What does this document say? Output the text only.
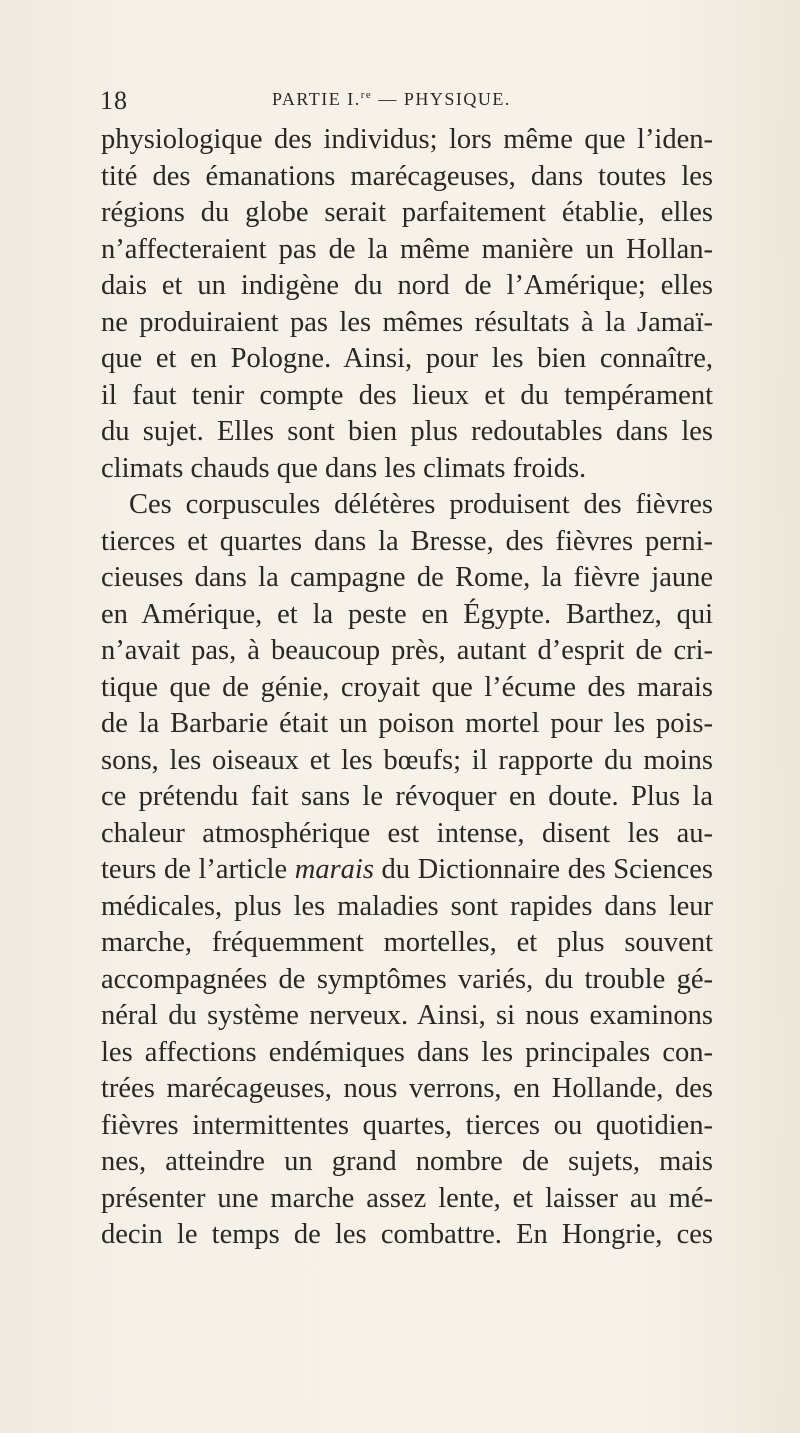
18	PARTIE I.$^{re}$ — PHYSIQUE.
physiologique des individus; lors même que l’iden-
tité des émanations marécageuses, dans toutes les
régions du globe serait parfaitement établie, elles
n’affecteraient pas de la même manière un Hollan-
dais et un indigène du nord de l’Amérique; elles
ne produiraient pas les mêmes résultats à la Jamaï-
que et en Pologne. Ainsi, pour les bien connaître,
il faut tenir compte des lieux et du tempérament
du sujet. Elles sont bien plus redoutables dans les
climats chauds que dans les climats froids.
Ces corpuscules délétères produisent des fièvres
tierces et quartes dans la Bresse, des fièvres perni-
cieuses dans la campagne de Rome, la fièvre jaune
en Amérique, et la peste en Égypte. Barthez, qui
n’avait pas, à beaucoup près, autant d’esprit de cri-
tique que de génie, croyait que l’écume des marais
de la Barbarie était un poison mortel pour les pois-
sons, les oiseaux et les bœufs; il rapporte du moins
ce prétendu fait sans le révoquer en doute. Plus la
chaleur atmosphérique est intense, disent les au-
teurs de l’article marais du Dictionnaire des Sciences
médicales, plus les maladies sont rapides dans leur
marche, fréquemment mortelles, et plus souvent
accompagnées de symptômes variés, du trouble gé-
néral du système nerveux. Ainsi, si nous examinons
les affections endémiques dans les principales con-
trées marécageuses, nous verrons, en Hollande, des
fièvres intermittentes quartes, tierces ou quotidien-
nes, atteindre un grand nombre de sujets, mais
présenter une marche assez lente, et laisser au mé-
decin le temps de les combattre. En Hongrie, ces
